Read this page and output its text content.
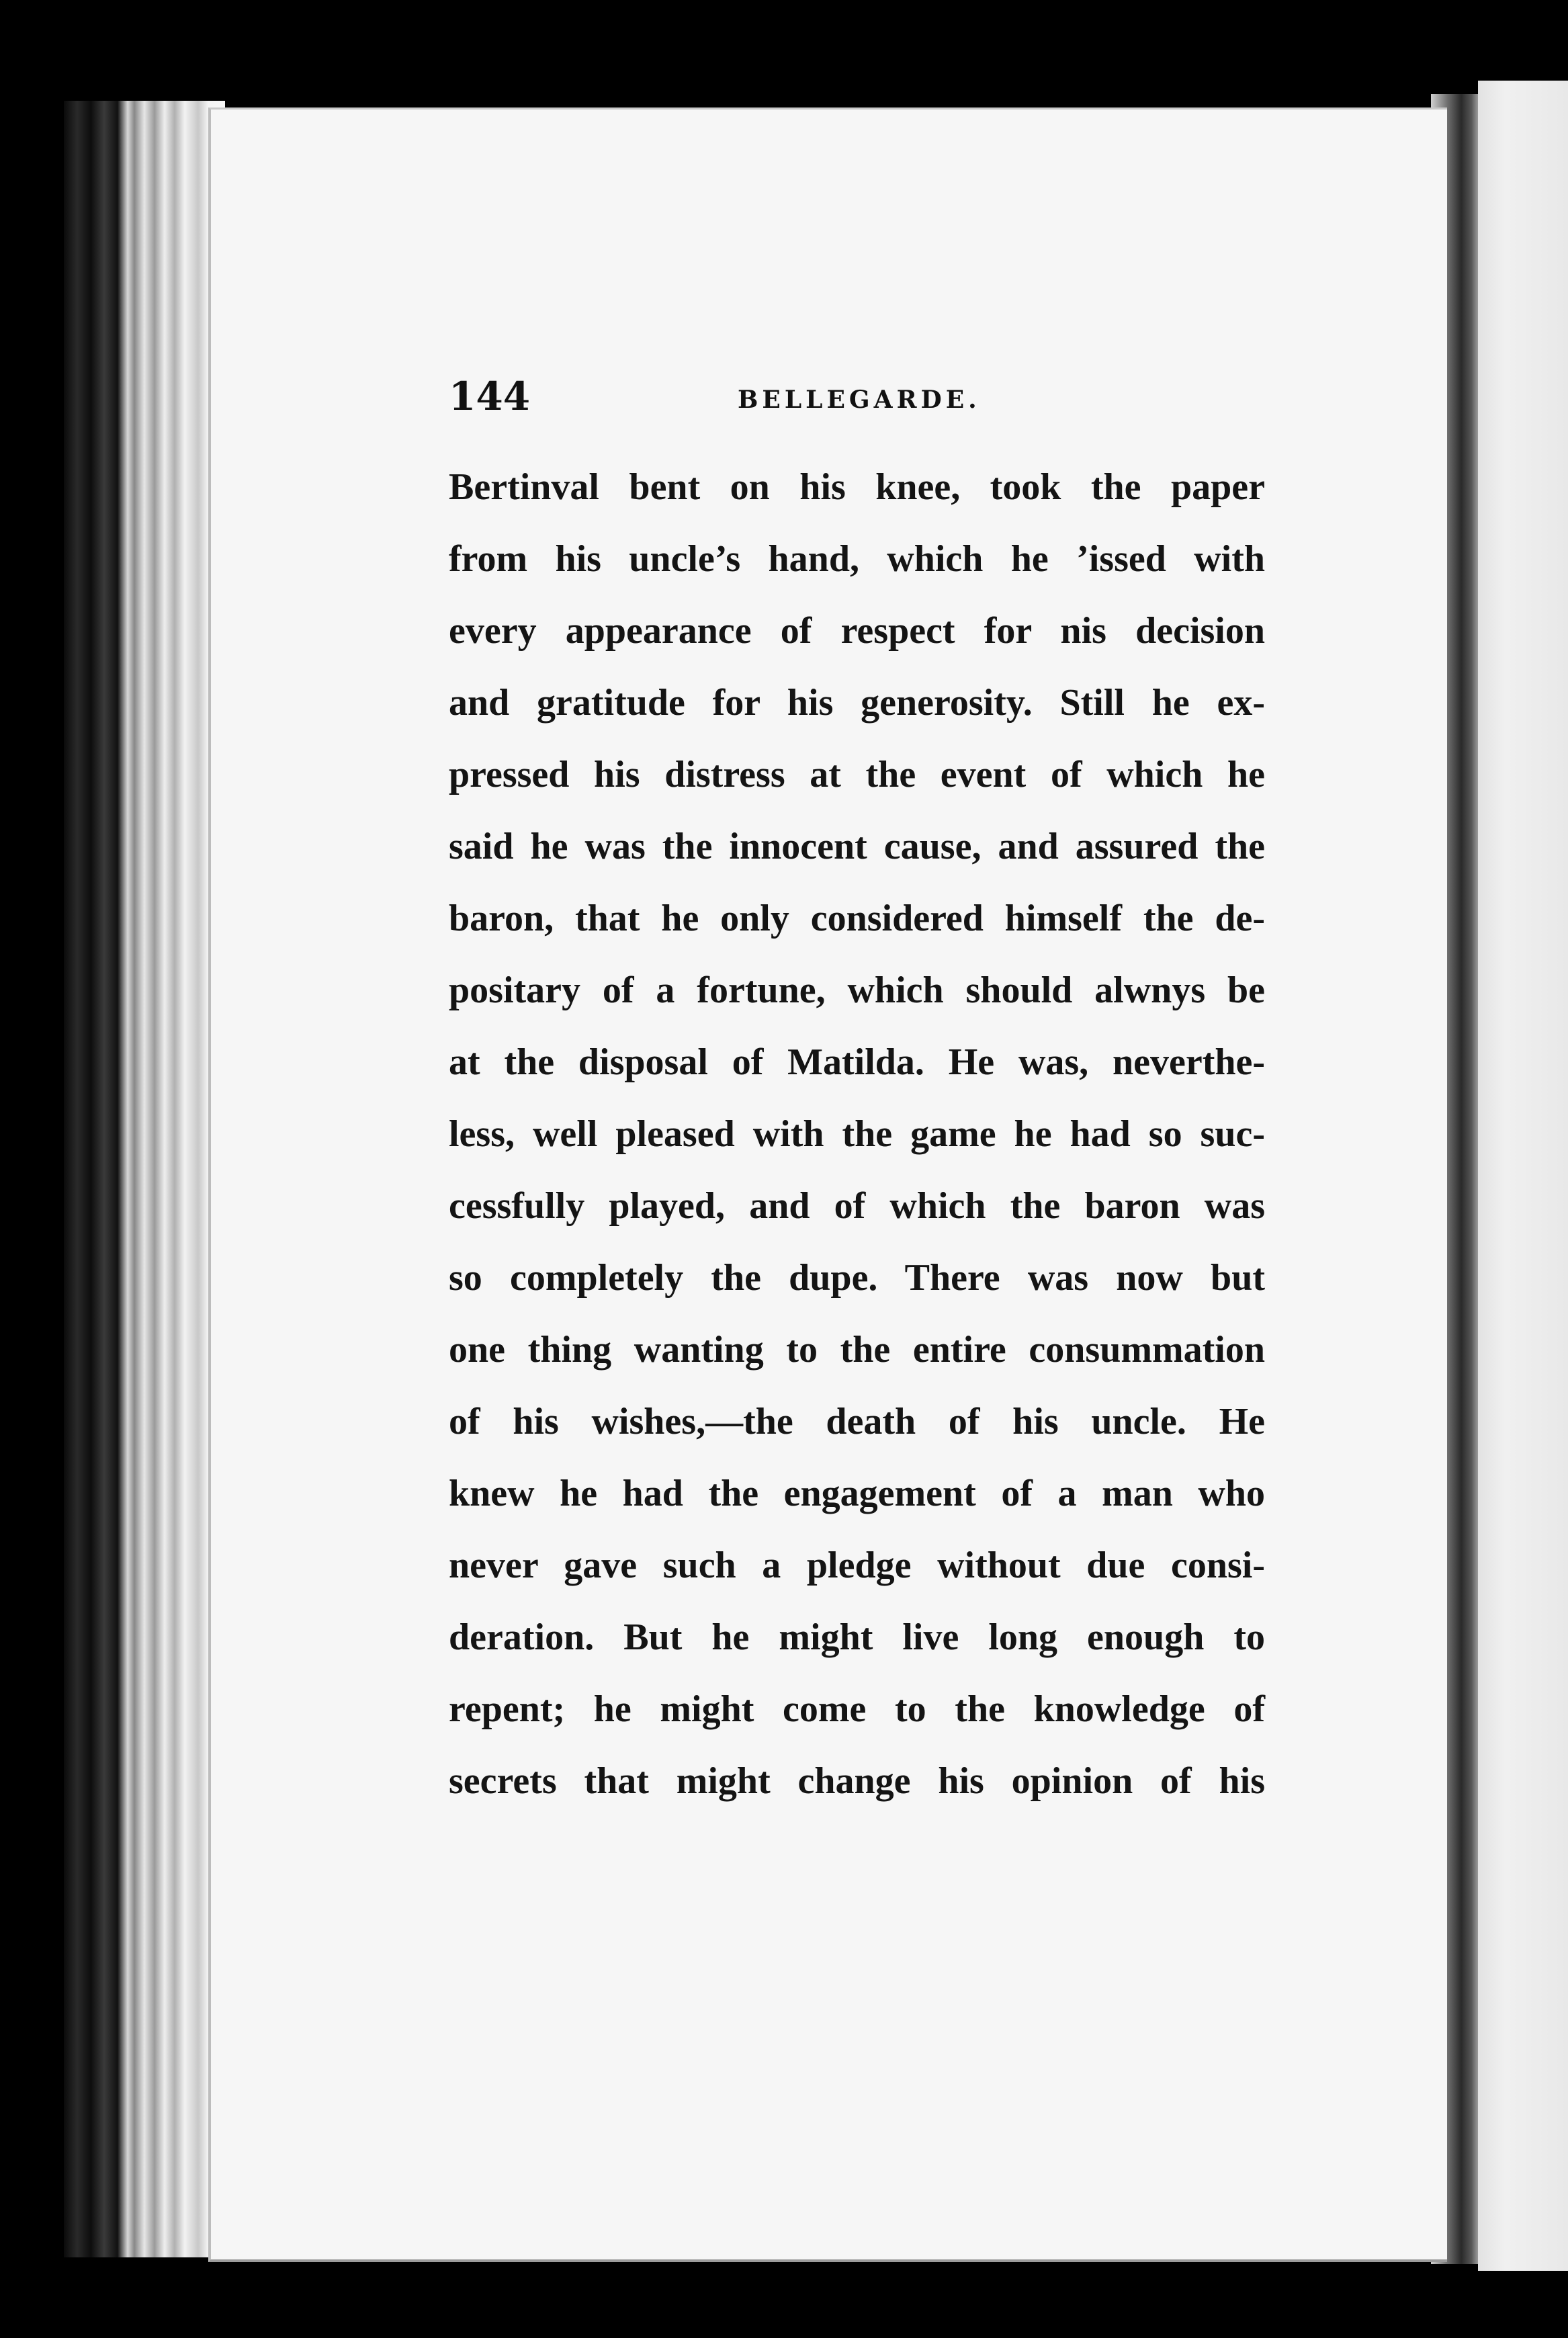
144	BELLEGARDE.
Bertinval bent on his knee, took the paper
from his uncle’s hand, which he ʼissed with
every appearance of respect for nis decision
and gratitude for his generosity. Still he ex-
pressed his distress at the event of which he
said he was the innocent cause, and assured the
baron, that he only considered himself the de-
positary of a fortune, which should alwnys be
at the disposal of Matilda. He was, neverthe-
less, well pleased with the game he had so suc-
cessfully played, and of which the baron was
so completely the dupe. There was now but
one thing wanting to the entire consummation
of his wishes,—the death of his uncle. He
knew he had the engagement of a man who
never gave such a pledge without due consi-
deration. But he might live long enough to
repent; he might come to the knowledge of
secrets that might change his opinion of his
